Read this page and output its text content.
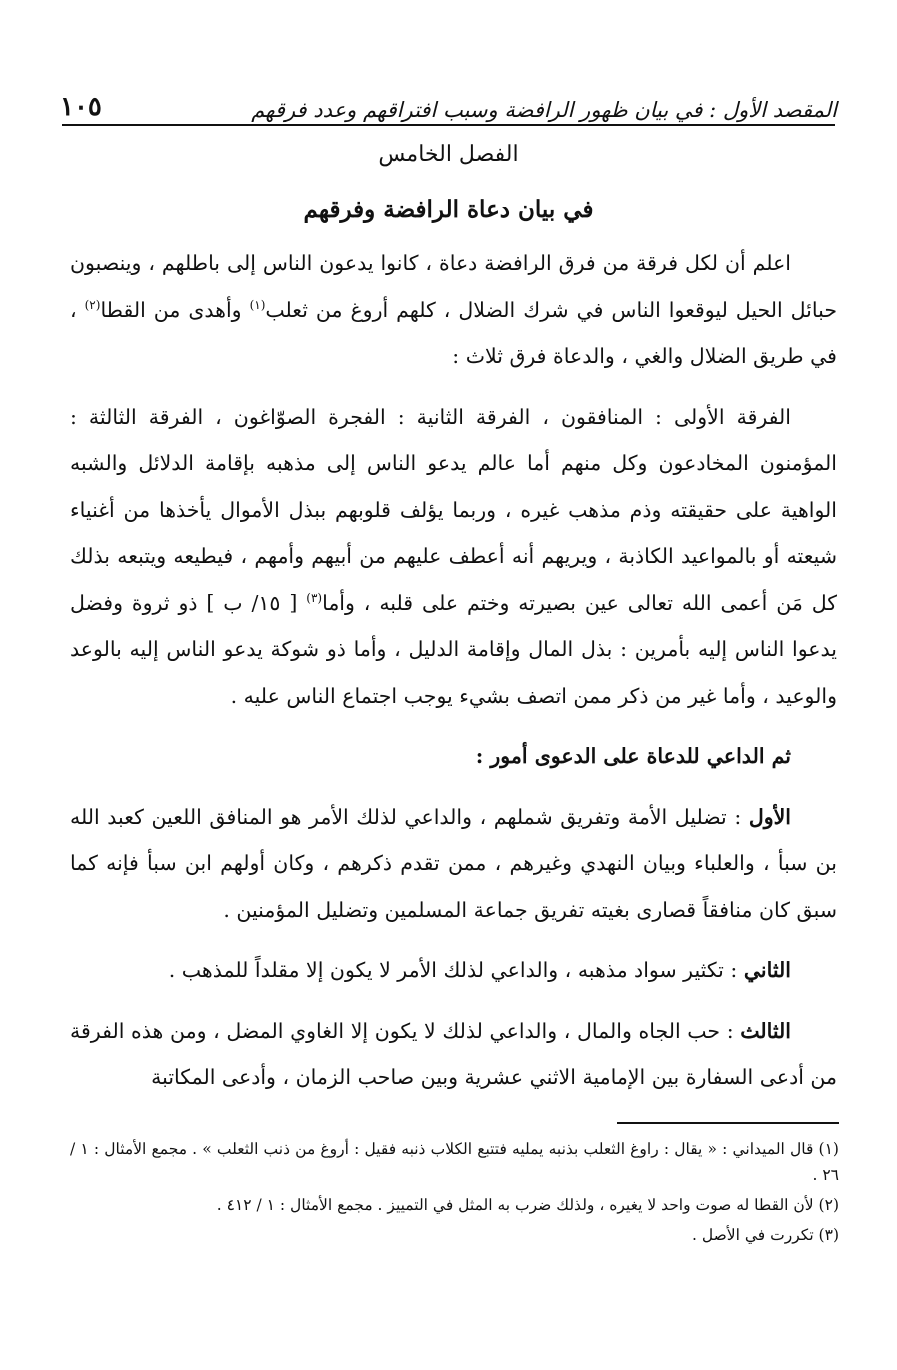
١٠٥	المقصد الأول : في بيان ظهور الرافضة وسبب افتراقهم وعدد فرقهم
الفصل الخامس
في بيان دعاة الرافضة وفرقهم

اعلم أن لكل فرقة من فرق الرافضة دعاة ، كانوا يدعون الناس إلى باطلهم ، وينصبون حبائل الحيل ليوقعوا الناس في شرك الضلال ، كلهم أروغ من ثعلب$^{(١)}$ وأهدى من القطا$^{(٢)}$ ، في طريق الضلال والغي ، والدعاة فرق ثلاث :

الفرقة الأولى : المنافقون ، الفرقة الثانية : الفجرة الصوّاغون ، الفرقة الثالثة : المؤمنون المخادعون وكل منهم أما عالم يدعو الناس إلى مذهبه بإقامة الدلائل والشبه الواهية على حقيقته وذم مذهب غيره ، وربما يؤلف قلوبهم ببذل الأموال يأخذها من أغنياء شيعته أو بالمواعيد الكاذبة ، ويريهم أنه أعطف عليهم من أبيهم وأمهم ، فيطيعه ويتبعه بذلك كل مَن أعمى الله تعالى عين بصيرته وختم على قلبه ، وأما$^{(٣)}$ [ ١٥/ ب ] ذو ثروة وفضل يدعوا الناس إليه بأمرين : بذل المال وإقامة الدليل ، وأما ذو شوكة يدعو الناس إليه بالوعد والوعيد ، وأما غير من ذكر ممن اتصف بشيء يوجب اجتماع الناس عليه .

ثم الداعي للدعاة على الدعوى أمور :

الأول : تضليل الأمة وتفريق شملهم ، والداعي لذلك الأمر هو المنافق اللعين كعبد الله بن سبأ ، والعلباء وبيان النهدي وغيرهم ، ممن تقدم ذكرهم ، وكان أولهم ابن سبأ فإنه كما سبق كان منافقاً قصارى بغيته تفريق جماعة المسلمين وتضليل المؤمنين .

الثاني : تكثير سواد مذهبه ، والداعي لذلك الأمر لا يكون إلا مقلداً للمذهب .

الثالث : حب الجاه والمال ، والداعي لذلك لا يكون إلا الغاوي المضل ، ومن هذه الفرقة من أدعى السفارة بين الإمامية الاثني عشرية وبين صاحب الزمان ، وأدعى المكاتبة

(١) قال الميداني : « يقال : راوغ الثعلب بذنبه يمليه فتتبع الكلاب ذنبه فقيل : أروغ من ذنب الثعلب » . مجمع الأمثال : ١ / ٢٦ .

(٢) لأن القطا له صوت واحد لا يغيره ، ولذلك ضرب به المثل في التمييز . مجمع الأمثال : ١ / ٤١٢ .

(٣) تكررت في الأصل .
